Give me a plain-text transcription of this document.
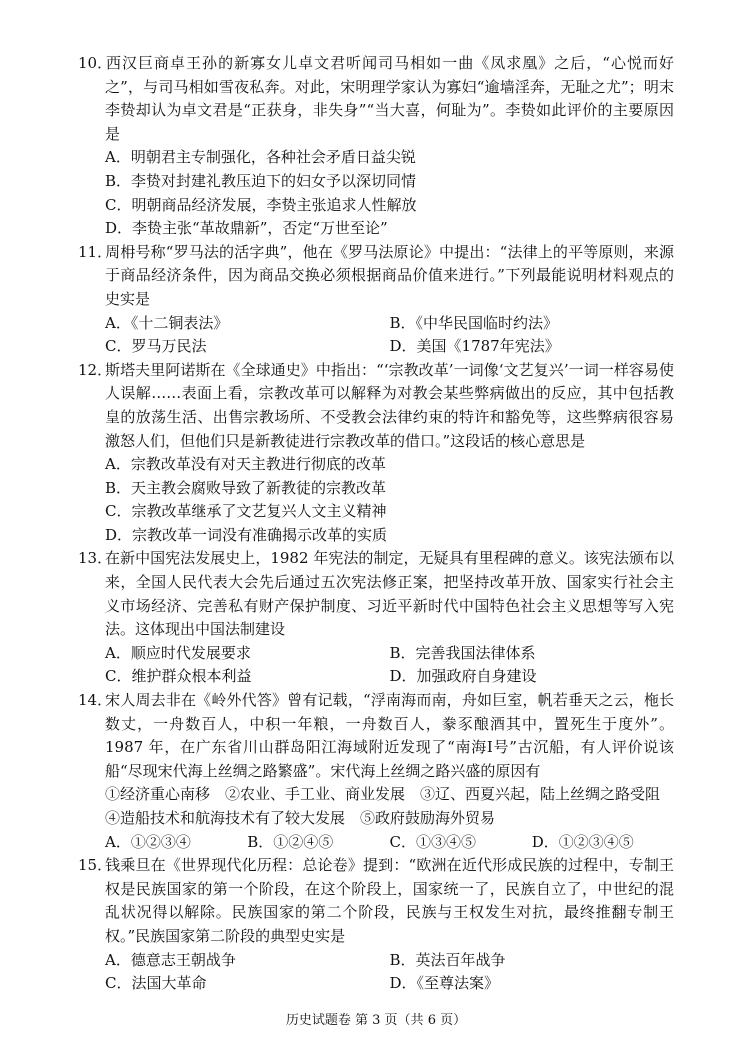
10．西汉巨商卓王孙的新寡女儿卓文君听闻司马相如一曲《凤求凰》之后，“心悦而好之”，与司马相如雪夜私奔。对此，宋明理学家认为寡妇“逾墙淫奔，无耻之尤”；明末李贽却认为卓文君是“正获身，非失身”“当大喜，何耻为”。李贽如此评价的主要原因是
A．明朝君主专制强化，各种社会矛盾日益尖锐
B．李贽对封建礼教压迫下的妇女予以深切同情
C．明朝商品经济发展，李贽主张追求人性解放
D．李贽主张“革故鼎新”，否定“万世至论”
11．周枏号称“罗马法的活字典”，他在《罗马法原论》中提出：“法律上的平等原则，来源于商品经济条件，因为商品交换必须根据商品价值来进行。”下列最能说明材料观点的史实是
A．《十二铜表法》	B．《中华民国临时约法》
C．罗马万民法	D．美国《1787年宪法》
12．斯塔夫里阿诺斯在《全球通史》中指出：“‘宗教改革’一词像‘文艺复兴’一词一样容易使人误解……表面上看，宗教改革可以解释为对教会某些弊病做出的反应，其中包括教皇的放荡生活、出售宗教场所、不受教会法律约束的特许和豁免等，这些弊病很容易激怒人们，但他们只是新教徒进行宗教改革的借口。”这段话的核心意思是
A．宗教改革没有对天主教进行彻底的改革
B．天主教会腐败导致了新教徒的宗教改革
C．宗教改革继承了文艺复兴人文主义精神
D．宗教改革一词没有准确揭示改革的实质
13．在新中国宪法发展史上，1982 年宪法的制定，无疑具有里程碑的意义。该宪法颁布以来，全国人民代表大会先后通过五次宪法修正案，把坚持改革开放、国家实行社会主义市场经济、完善私有财产保护制度、习近平新时代中国特色社会主义思想等写入宪法。这体现出中国法制建设
A．顺应时代发展要求	B．完善我国法律体系
C．维护群众根本利益	D．加强政府自身建设
14．宋人周去非在《岭外代答》曾有记载，“浮南海而南，舟如巨室，帆若垂天之云，柂长数丈，一舟数百人，中积一年粮，一舟数百人，豢豕酿酒其中，置死生于度外”。1987 年，在广东省川山群岛阳江海域附近发现了“南海Ⅰ号”古沉船，有人评价说该船“尽现宋代海上丝绸之路繁盛”。宋代海上丝绸之路兴盛的原因有
①经济重心南移　②农业、手工业、商业发展　③辽、西夏兴起，陆上丝绸之路受阻
④造船技术和航海技术有了较大发展　⑤政府鼓励海外贸易
A．①②③④	B．①②④⑤	C．①③④⑤	D．①②③④⑤
15．钱乘旦在《世界现代化历程：总论卷》提到：“欧洲在近代形成民族的过程中，专制王权是民族国家的第一个阶段，在这个阶段上，国家统一了，民族自立了，中世纪的混乱状况得以解除。民族国家的第二个阶段，民族与王权发生对抗，最终推翻专制王权。”民族国家第二阶段的典型史实是
A．德意志王朝战争	B．英法百年战争
C．法国大革命	D．《至尊法案》
历史试题卷 第 3 页（共 6 页）
